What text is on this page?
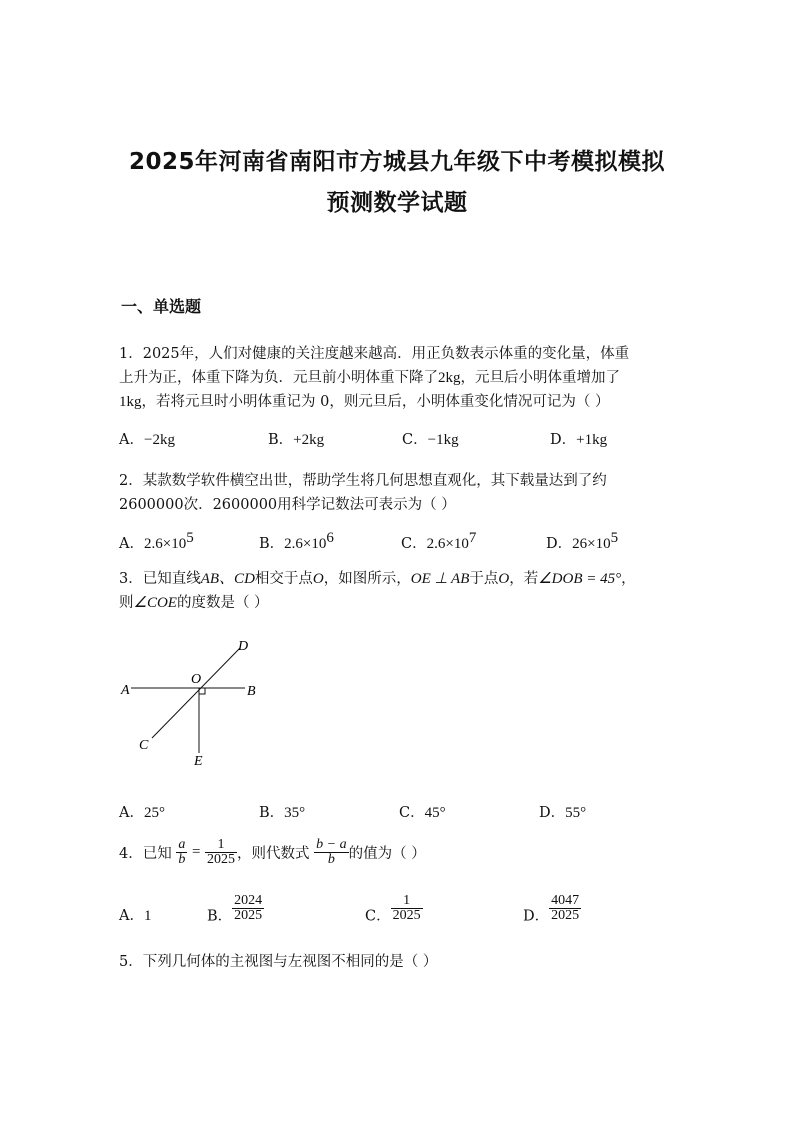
2025年河南省南阳市方城县九年级下中考模拟模拟
预测数学试题
一、单选题
1．2025年，人们对健康的关注度越来越高．用正负数表示体重的变化量，体重
上升为正，体重下降为负．元旦前小明体重下降了2kg，元旦后小明体重增加了
1kg，若将元旦时小明体重记为 0，则元旦后，小明体重变化情况可记为（ ）
A．−2kg	B．+2kg	C．−1kg	D．+1kg
2．某款数学软件横空出世，帮助学生将几何思想直观化，其下载量达到了约
2600000次．2600000用科学记数法可表示为（ ）
A．$2.6\times 10^5$	B．$2.6\times 10^6$	C．$2.6\times 10^7$	D．$26\times 10^5$
3．已知直线AB、CD相交于点O，如图所示，OE ⊥ AB于点O，若∠DOB = 45°，
则∠COE的度数是（ ）
A	B
C
D
E
O
A．25°	B．35°	C．45°	D．55°
4．已知 $\frac{a}{b} = \frac{1}{2025}$ ，则代数式 $\frac{b - a}{b}$ 的值为（ ）
A．1	B． $\frac{2024}{2025}$	C． $\frac{1}{2025}$	D． $\frac{4047}{2025}$
5．下列几何体的主视图与左视图不相同的是（ ）
